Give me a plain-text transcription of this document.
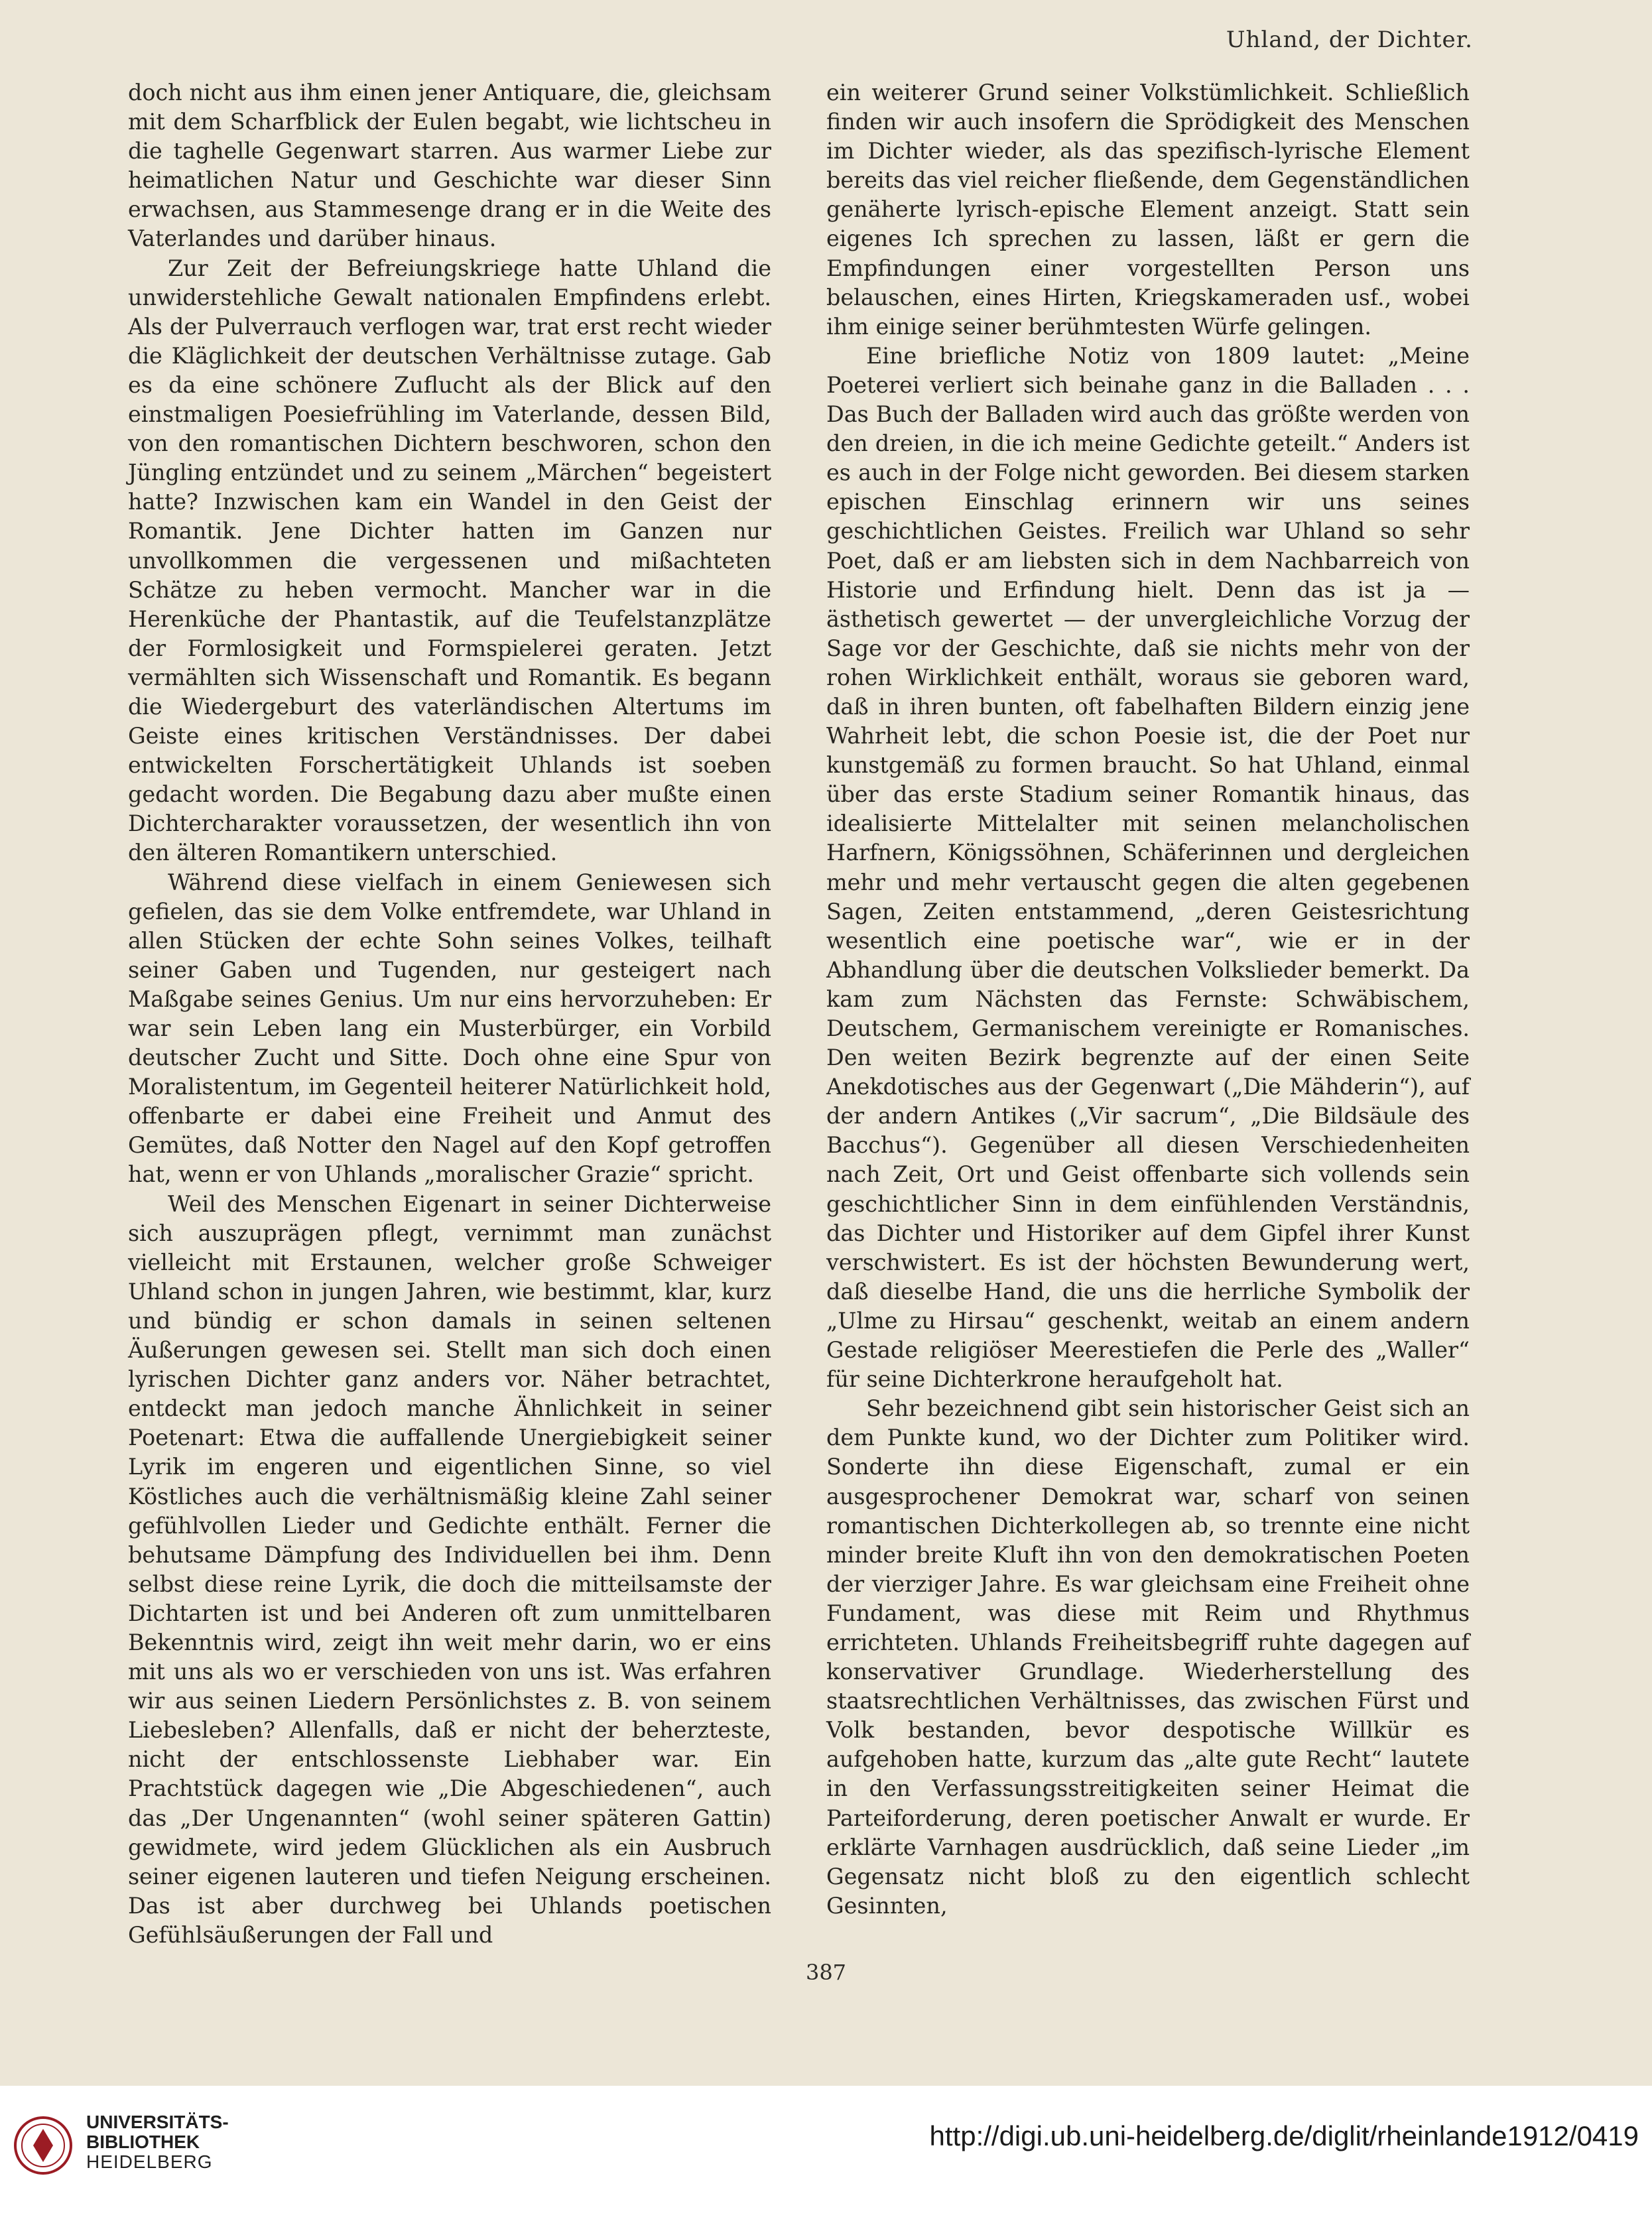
Uhland, der Dichter.

doch nicht aus ihm einen jener Antiquare, die, gleichsam mit dem Scharfblick der Eulen begabt, wie lichtscheu in die taghelle Gegenwart starren. Aus warmer Liebe zur heimatlichen Natur und Geschichte war dieser Sinn erwachsen, aus Stammesenge drang er in die Weite des Vaterlandes und darüber hinaus.

Zur Zeit der Befreiungskriege hatte Uhland die unwiderstehliche Gewalt nationalen Empfindens erlebt. Als der Pulverrauch verflogen war, trat erst recht wieder die Kläglichkeit der deutschen Verhältnisse zutage. Gab es da eine schönere Zuflucht als der Blick auf den einstmaligen Poesiefrühling im Vaterlande, dessen Bild, von den romantischen Dichtern beschworen, schon den Jüngling entzündet und zu seinem „Märchen“ begeistert hatte? Inzwischen kam ein Wandel in den Geist der Romantik. Jene Dichter hatten im Ganzen nur unvollkommen die vergessenen und mißachteten Schätze zu heben vermocht. Mancher war in die Herenküche der Phantastik, auf die Teufelstanzplätze der Formlosigkeit und Formspielerei geraten. Jetzt vermählten sich Wissenschaft und Romantik. Es begann die Wiedergeburt des vaterländischen Altertums im Geiste eines kritischen Verständnisses. Der dabei entwickelten Forschertätigkeit Uhlands ist soeben gedacht worden. Die Begabung dazu aber mußte einen Dichtercharakter voraussetzen, der wesentlich ihn von den älteren Romantikern unterschied.

Während diese vielfach in einem Geniewesen sich gefielen, das sie dem Volke entfremdete, war Uhland in allen Stücken der echte Sohn seines Volkes, teilhaft seiner Gaben und Tugenden, nur gesteigert nach Maßgabe seines Genius. Um nur eins hervorzuheben: Er war sein Leben lang ein Musterbürger, ein Vorbild deutscher Zucht und Sitte. Doch ohne eine Spur von Moralistentum, im Gegenteil heiterer Natürlichkeit hold, offenbarte er dabei eine Freiheit und Anmut des Gemütes, daß Notter den Nagel auf den Kopf getroffen hat, wenn er von Uhlands „moralischer Grazie“ spricht.

Weil des Menschen Eigenart in seiner Dichterweise sich auszuprägen pflegt, vernimmt man zunächst vielleicht mit Erstaunen, welcher große Schweiger Uhland schon in jungen Jahren, wie bestimmt, klar, kurz und bündig er schon damals in seinen seltenen Äußerungen gewesen sei. Stellt man sich doch einen lyrischen Dichter ganz anders vor. Näher betrachtet, entdeckt man jedoch manche Ähnlichkeit in seiner Poetenart: Etwa die auffallende Unergiebigkeit seiner Lyrik im engeren und eigentlichen Sinne, so viel Köstliches auch die verhältnismäßig kleine Zahl seiner gefühlvollen Lieder und Gedichte enthält. Ferner die behutsame Dämpfung des Individuellen bei ihm. Denn selbst diese reine Lyrik, die doch die mitteilsamste der Dichtarten ist und bei Anderen oft zum unmittelbaren Bekenntnis wird, zeigt ihn weit mehr darin, wo er eins mit uns als wo er verschieden von uns ist. Was erfahren wir aus seinen Liedern Persönlichstes z. B. von seinem Liebesleben? Allenfalls, daß er nicht der beherzteste, nicht der entschlossenste Liebhaber war. Ein Prachtstück dagegen wie „Die Abgeschiedenen“, auch das „Der Ungenannten“ (wohl seiner späteren Gattin) gewidmete, wird jedem Glücklichen als ein Ausbruch seiner eigenen lauteren und tiefen Neigung erscheinen. Das ist aber durchweg bei Uhlands poetischen Gefühlsäußerungen der Fall und

ein weiterer Grund seiner Volkstümlichkeit. Schließlich finden wir auch insofern die Sprödigkeit des Menschen im Dichter wieder, als das spezifisch-lyrische Element bereits das viel reicher fließende, dem Gegenständlichen genäherte lyrisch-epische Element anzeigt. Statt sein eigenes Ich sprechen zu lassen, läßt er gern die Empfindungen einer vorgestellten Person uns belauschen, eines Hirten, Kriegskameraden usf., wobei ihm einige seiner berühmtesten Würfe gelingen.

Eine briefliche Notiz von 1809 lautet: „Meine Poeterei verliert sich beinahe ganz in die Balladen . . . Das Buch der Balladen wird auch das größte werden von den dreien, in die ich meine Gedichte geteilt.“ Anders ist es auch in der Folge nicht geworden. Bei diesem starken epischen Einschlag erinnern wir uns seines geschichtlichen Geistes. Freilich war Uhland so sehr Poet, daß er am liebsten sich in dem Nachbarreich von Historie und Erfindung hielt. Denn das ist ja — ästhetisch gewertet — der unvergleichliche Vorzug der Sage vor der Geschichte, daß sie nichts mehr von der rohen Wirklichkeit enthält, woraus sie geboren ward, daß in ihren bunten, oft fabelhaften Bildern einzig jene Wahrheit lebt, die schon Poesie ist, die der Poet nur kunstgemäß zu formen braucht. So hat Uhland, einmal über das erste Stadium seiner Romantik hinaus, das idealisierte Mittelalter mit seinen melancholischen Harfnern, Königssöhnen, Schäferinnen und dergleichen mehr und mehr vertauscht gegen die alten gegebenen Sagen, Zeiten entstammend, „deren Geistesrichtung wesentlich eine poetische war“, wie er in der Abhandlung über die deutschen Volkslieder bemerkt. Da kam zum Nächsten das Fernste: Schwäbischem, Deutschem, Germanischem vereinigte er Romanisches. Den weiten Bezirk begrenzte auf der einen Seite Anekdotisches aus der Gegenwart („Die Mähderin“), auf der andern Antikes („Vir sacrum“, „Die Bildsäule des Bacchus“). Gegenüber all diesen Verschiedenheiten nach Zeit, Ort und Geist offenbarte sich vollends sein geschichtlicher Sinn in dem einfühlenden Verständnis, das Dichter und Historiker auf dem Gipfel ihrer Kunst verschwistert. Es ist der höchsten Bewunderung wert, daß dieselbe Hand, die uns die herrliche Symbolik der „Ulme zu Hirsau“ geschenkt, weitab an einem andern Gestade religiöser Meerestiefen die Perle des „Waller“ für seine Dichterkrone heraufgeholt hat.

Sehr bezeichnend gibt sein historischer Geist sich an dem Punkte kund, wo der Dichter zum Politiker wird. Sonderte ihn diese Eigenschaft, zumal er ein ausgesprochener Demokrat war, scharf von seinen romantischen Dichterkollegen ab, so trennte eine nicht minder breite Kluft ihn von den demokratischen Poeten der vierziger Jahre. Es war gleichsam eine Freiheit ohne Fundament, was diese mit Reim und Rhythmus errichteten. Uhlands Freiheitsbegriff ruhte dagegen auf konservativer Grundlage. Wiederherstellung des staatsrechtlichen Verhältnisses, das zwischen Fürst und Volk bestanden, bevor despotische Willkür es aufgehoben hatte, kurzum das „alte gute Recht“ lautete in den Verfassungsstreitigkeiten seiner Heimat die Parteiforderung, deren poetischer Anwalt er wurde. Er erklärte Varnhagen ausdrücklich, daß seine Lieder „im Gegensatz nicht bloß zu den eigentlich schlecht Gesinnten,

387
UNIVERSITÄTS-
BIBLIOTHEK
HEIDELBERG
http://digi.ub.uni-heidelberg.de/diglit/rheinlande1912/0419
